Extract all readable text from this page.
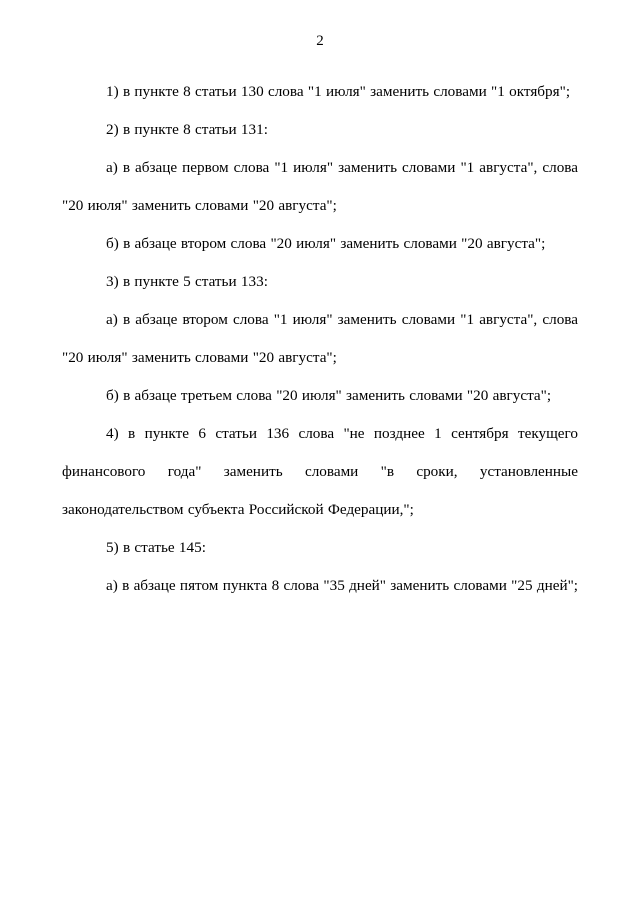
2

1) в пункте 8 статьи 130 слова "1 июля" заменить словами "1 октября";

2) в пункте 8 статьи 131:

а) в абзаце первом слова "1 июля" заменить словами "1 августа", слова "20 июля" заменить словами "20 августа";

б) в абзаце втором слова "20 июля" заменить словами "20 августа";

3) в пункте 5 статьи 133:

а) в абзаце втором слова "1 июля" заменить словами "1 августа", слова "20 июля" заменить словами "20 августа";

б) в абзаце третьем слова "20 июля" заменить словами "20 августа";

4) в пункте 6 статьи 136 слова "не позднее 1 сентября текущего финансового года" заменить словами "в сроки, установленные законодательством субъекта Российской Федерации,";

5) в статье 145:

а) в абзаце пятом пункта 8 слова "35 дней" заменить словами "25 дней";
